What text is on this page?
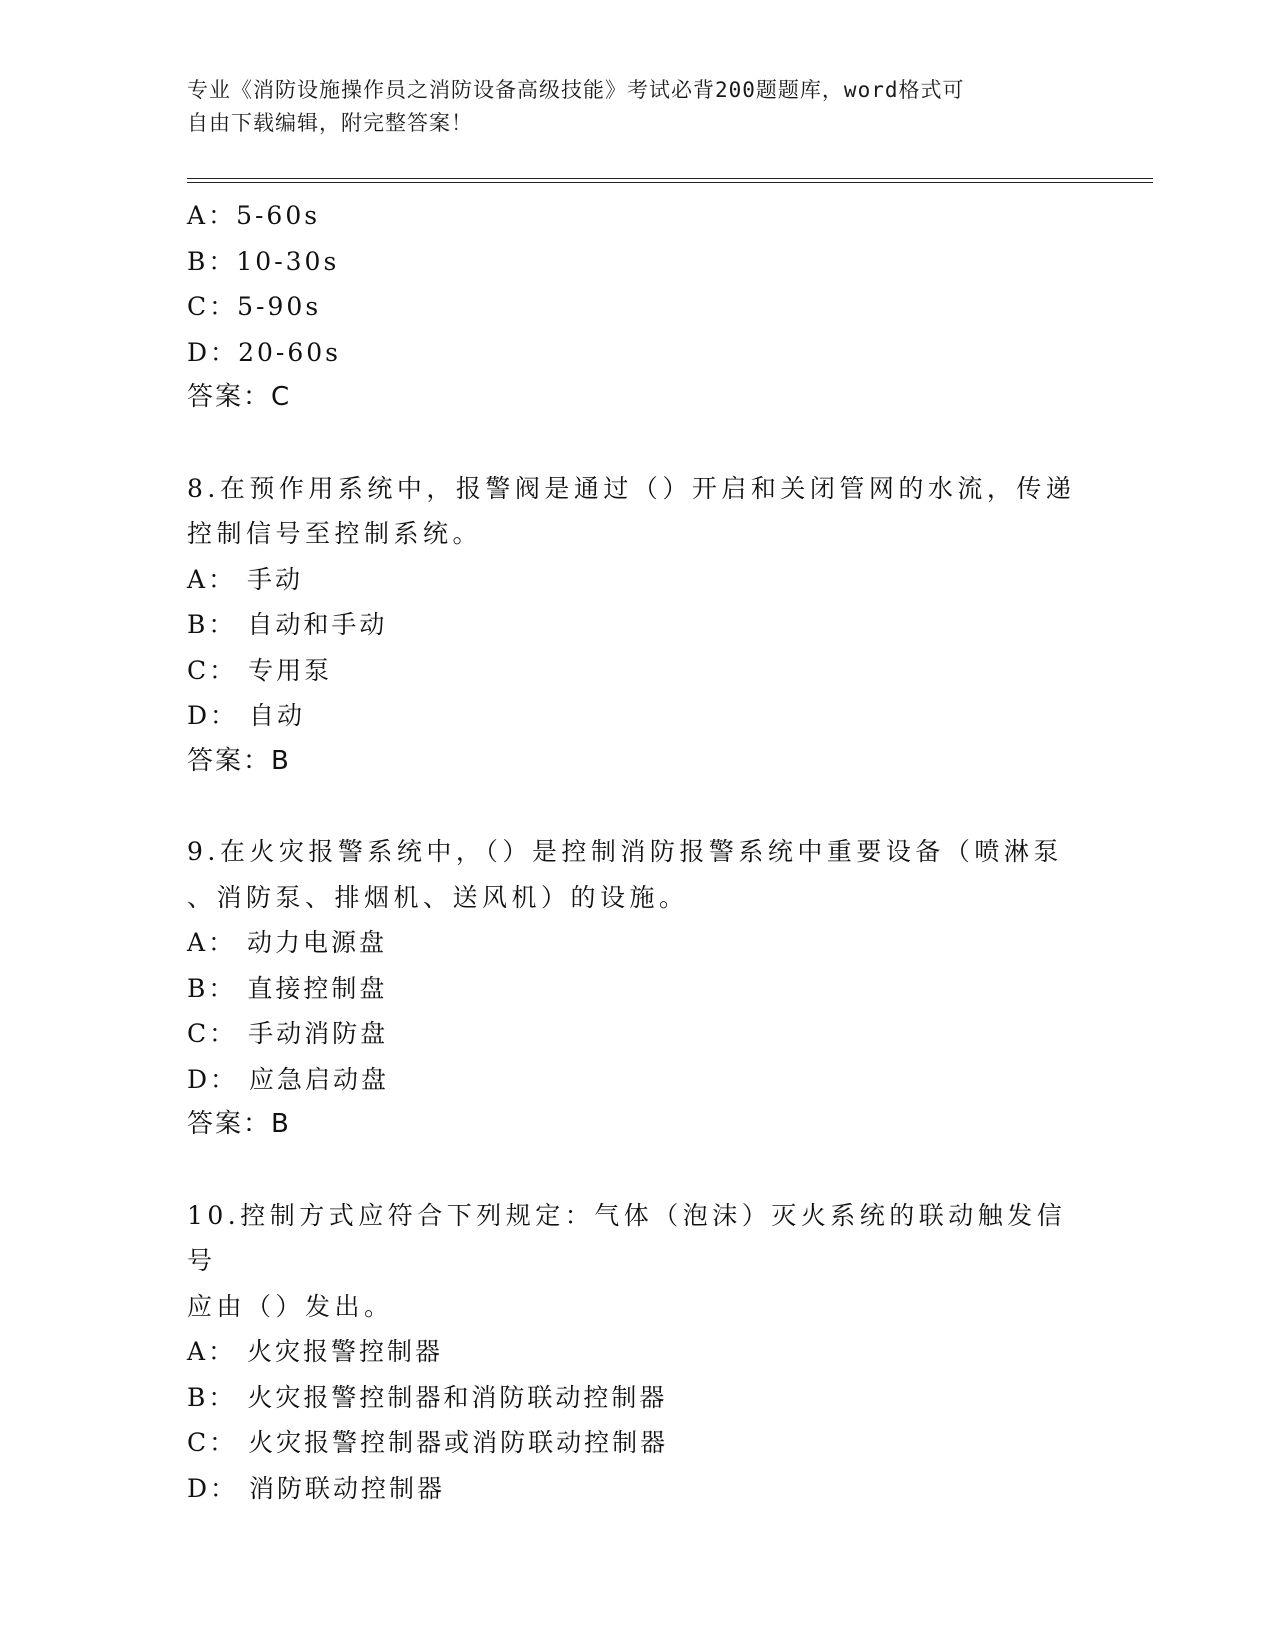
专业《消防设施操作员之消防设备高级技能》考试必背200题题库，word格式可
自由下载编辑，附完整答案！
A：5-60s
B：10-30s
C：5-90s
D：20-60s
答案：C
8.在预作用系统中，报警阀是通过（）开启和关闭管网的水流，传递
控制信号至控制系统。
A： 手动
B： 自动和手动
C： 专用泵
D： 自动
答案：B
9.在火灾报警系统中，（）是控制消防报警系统中重要设备（喷淋泵
、消防泵、排烟机、送风机）的设施。
A： 动力电源盘
B： 直接控制盘
C： 手动消防盘
D： 应急启动盘
答案：B
10.控制方式应符合下列规定：气体（泡沫）灭火系统的联动触发信号
应由（）发出。
A： 火灾报警控制器
B： 火灾报警控制器和消防联动控制器
C： 火灾报警控制器或消防联动控制器
D： 消防联动控制器
